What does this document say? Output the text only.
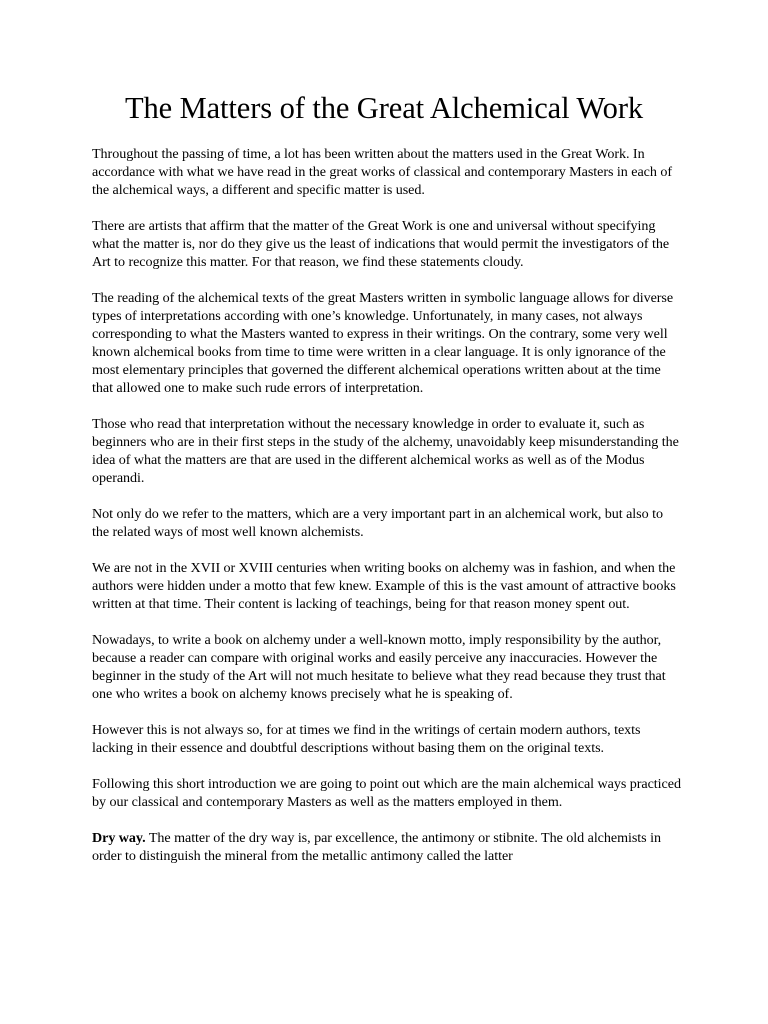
The Matters of the Great Alchemical Work

Throughout the passing of time, a lot has been written about the matters used in the Great Work. In accordance with what we have read in the great works of classical and contemporary Masters in each of the alchemical ways, a different and specific matter is used.

There are artists that affirm that the matter of the Great Work is one and universal without specifying what the matter is, nor do they give us the least of indications that would permit the investigators of the Art to recognize this matter. For that reason, we find these statements cloudy.

The reading of the alchemical texts of the great Masters written in symbolic language allows for diverse types of interpretations according with one’s knowledge. Unfortunately, in many cases, not always corresponding to what the Masters wanted to express in their writings. On the contrary, some very well known alchemical books from time to time were written in a clear language. It is only ignorance of the most elementary principles that governed the different alchemical operations written about at the time that allowed one to make such rude errors of interpretation.

Those who read that interpretation without the necessary knowledge in order to evaluate it, such as beginners who are in their first steps in the study of the alchemy, unavoidably keep misunderstanding the idea of what the matters are that are used in the different alchemical works as well as of the Modus operandi.

Not only do we refer to the matters, which are a very important part in an alchemical work, but also to the related ways of most well known alchemists.

We are not in the XVII or XVIII centuries when writing books on alchemy was in fashion, and when the authors were hidden under a motto that few knew. Example of this is the vast amount of attractive books written at that time. Their content is lacking of teachings, being for that reason money spent out.

Nowadays, to write a book on alchemy under a well-known motto, imply responsibility by the author, because a reader can compare with original works and easily perceive any inaccuracies. However the beginner in the study of the Art will not much hesitate to believe what they read because they trust that one who writes a book on alchemy knows precisely what he is speaking of.

However this is not always so, for at times we find in the writings of certain modern authors, texts lacking in their essence and doubtful descriptions without basing them on the original texts.

Following this short introduction we are going to point out which are the main alchemical ways practiced by our classical and contemporary Masters as well as the matters employed in them.

Dry way. The matter of the dry way is, par excellence, the antimony or stibnite. The old alchemists in order to distinguish the mineral from the metallic antimony called the latter
